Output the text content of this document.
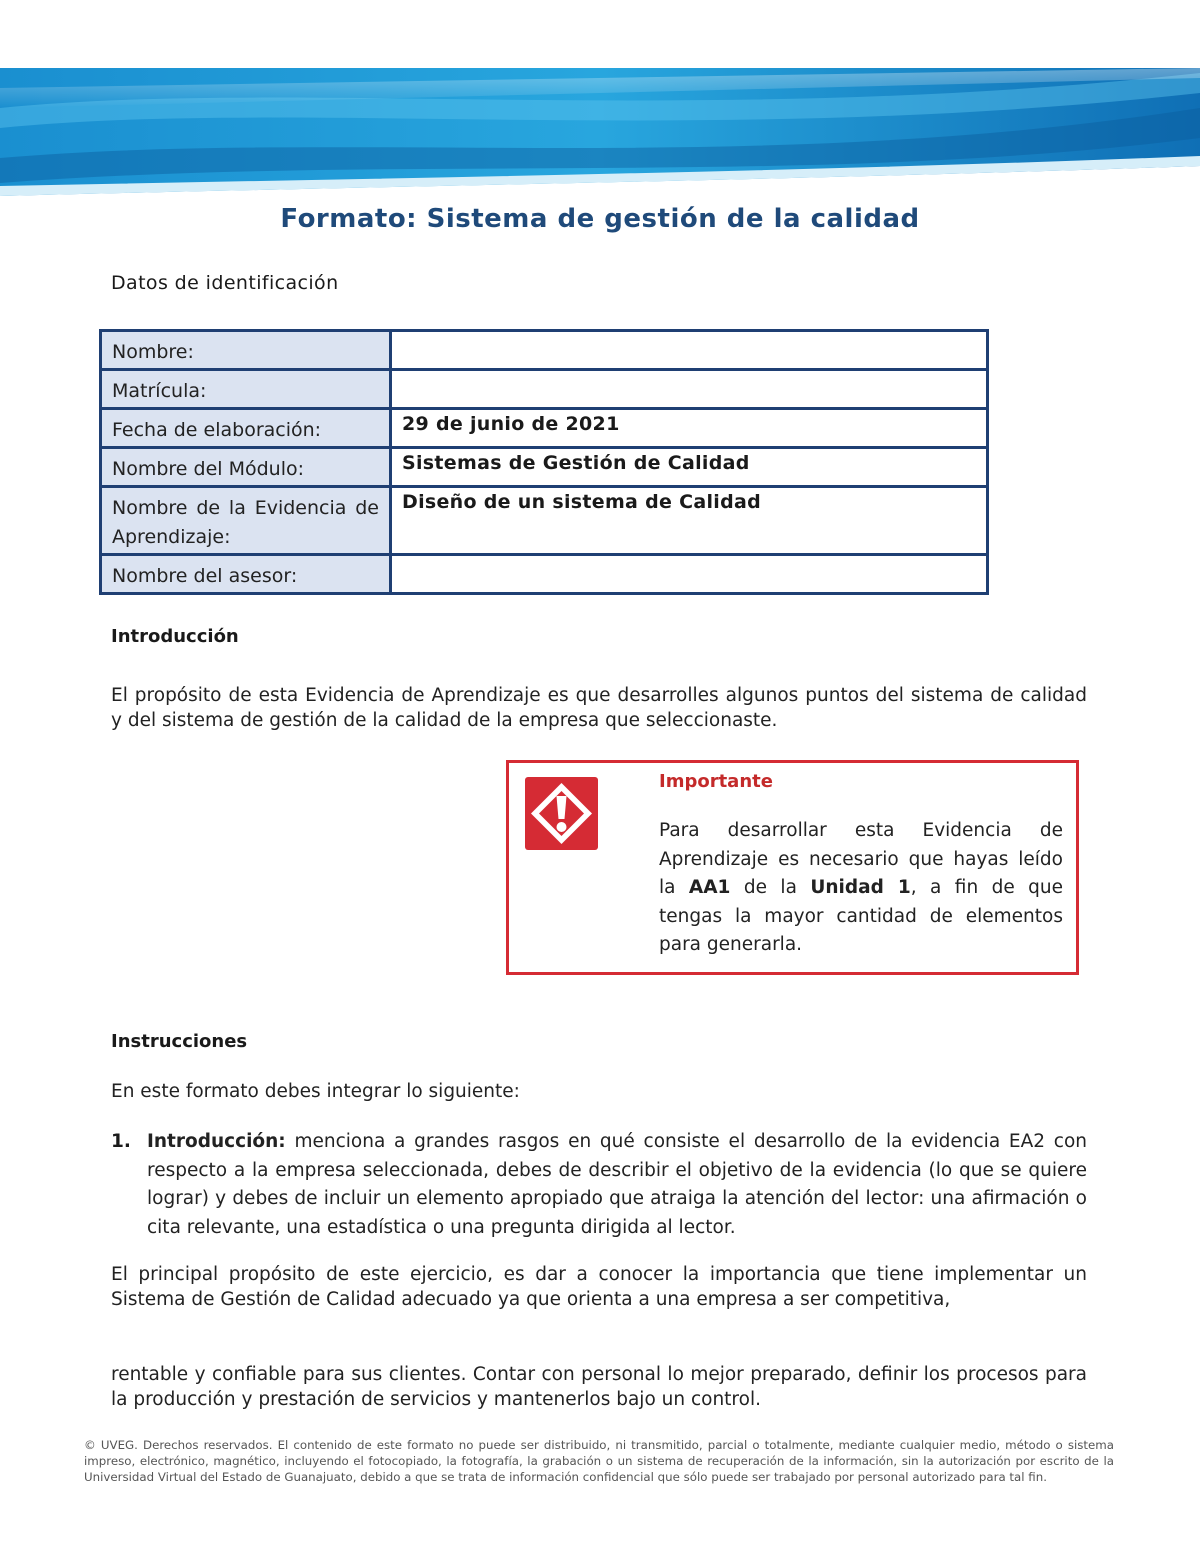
Formato: Sistema de gestión de la calidad
Datos de identificación
Nombre:	
Matrícula:	
Fecha de elaboración:	29 de junio de 2021
Nombre del Módulo:	Sistemas de Gestión de Calidad
Nombre de la Evidencia de Aprendizaje:	Diseño de un sistema de Calidad
Nombre del asesor:	
Introducción

El propósito de esta Evidencia de Aprendizaje es que desarrolles algunos puntos del sistema de calidad y del sistema de gestión de la calidad de la empresa que seleccionaste.

Importante

Para desarrollar esta Evidencia de Aprendizaje es necesario que hayas leído la AA1 de la Unidad 1, a fin de que tengas la mayor cantidad de elementos para generarla.

Instrucciones

En este formato debes integrar lo siguiente:

1. Introducción: menciona a grandes rasgos en qué consiste el desarrollo de la evidencia EA2 con respecto a la empresa seleccionada, debes de describir el objetivo de la evidencia (lo que se quiere lograr) y debes de incluir un elemento apropiado que atraiga la atención del lector: una afirmación o cita relevante, una estadística o una pregunta dirigida al lector.

El principal propósito de este ejercicio, es dar a conocer la importancia que tiene implementar un Sistema de Gestión de Calidad adecuado ya que orienta a una empresa a ser competitiva,

rentable y confiable para sus clientes. Contar con personal lo mejor preparado, definir los procesos para la producción y prestación de servicios y mantenerlos bajo un control.

© UVEG. Derechos reservados. El contenido de este formato no puede ser distribuido, ni transmitido, parcial o totalmente, mediante cualquier medio, método o sistema impreso, electrónico, magnético, incluyendo el fotocopiado, la fotografía, la grabación o un sistema de recuperación de la información, sin la autorización por escrito de la Universidad Virtual del Estado de Guanajuato, debido a que se trata de información confidencial que sólo puede ser trabajado por personal autorizado para tal fin.
